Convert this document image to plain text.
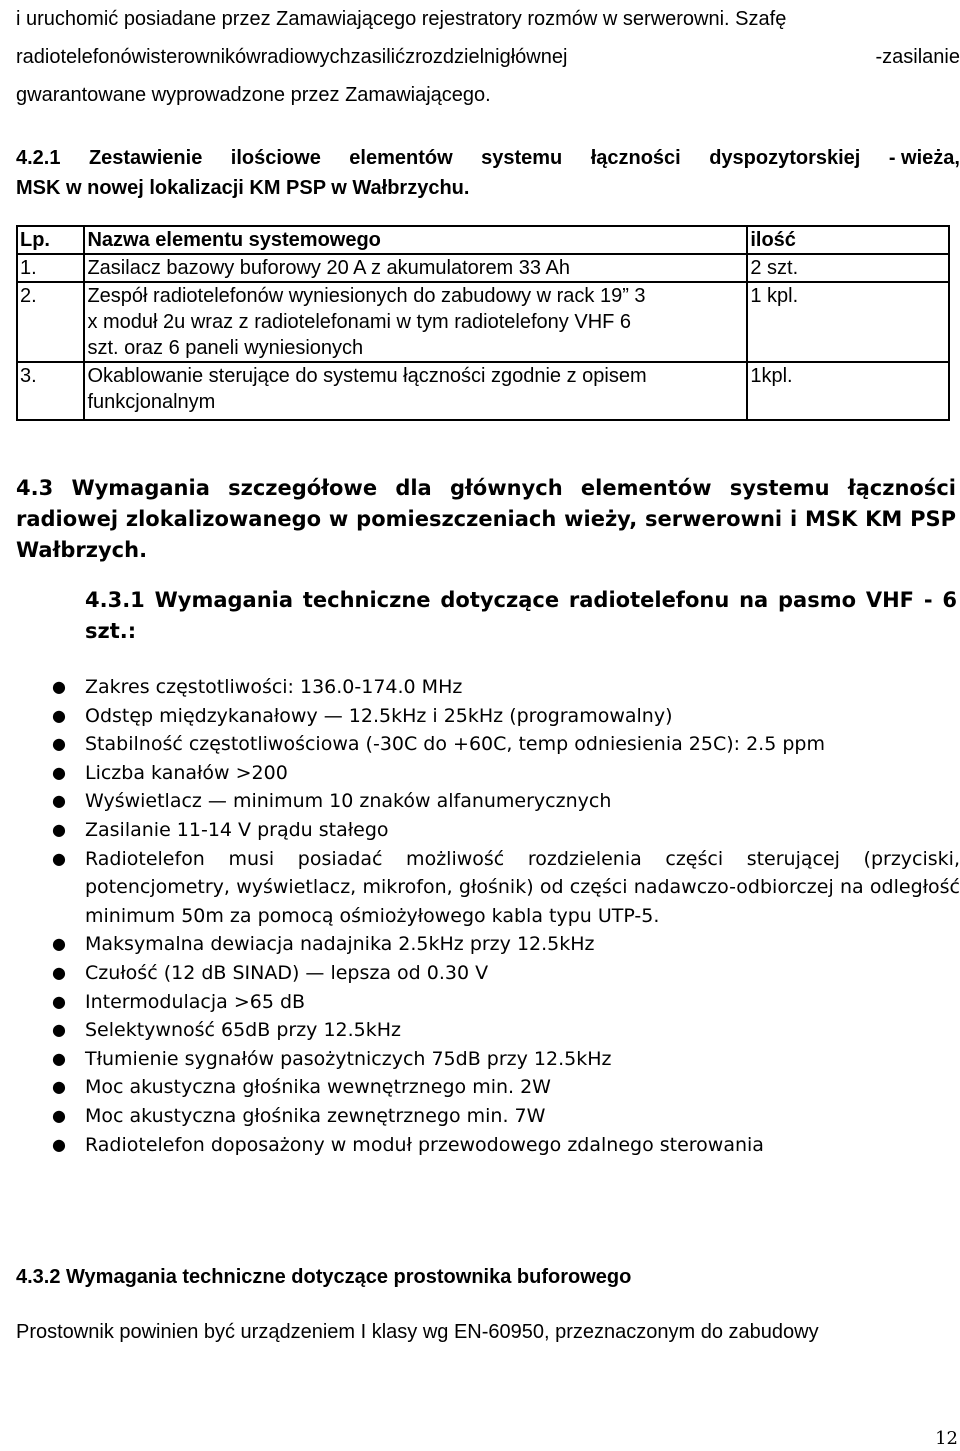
i uruchomić posiadane przez Zamawiającego rejestratory rozmów w serwerowni. Szafę
radiotelefonów i sterowników radiowych zasilić z rozdzielni głównej	- zasilanie
gwarantowane wyprowadzone przez Zamawiającego.
4.2.1 Zestawienie ilościowe elementów systemu łączności dyspozytorskiej - wieża,
MSK w nowej lokalizacji KM PSP w Wałbrzychu.
Lp.	Nazwa elementu systemowego	ilość
1.	Zasilacz bazowy buforowy 20 A z akumulatorem 33 Ah	2 szt.
2.	Zespół radiotelefonów wyniesionych do zabudowy w rack 19” 3
x moduł 2u wraz z radiotelefonami w tym radiotelefony VHF 6
szt. oraz 6 paneli wyniesionych	1 kpl.
3.	Okablowanie sterujące do systemu łączności zgodnie z opisem
funkcjonalnym	1kpl.
4.3 Wymagania szczegółowe dla głównych elementów systemu łączności radiowej zlokalizowanego w pomieszczeniach wieży, serwerowni i MSK KM PSP Wałbrzych.
4.3.1 Wymagania techniczne dotyczące radiotelefonu na pasmo VHF - 6 szt.:
● Zakres częstotliwości: 136.0-174.0 MHz
● Odstęp międzykanałowy — 12.5kHz i 25kHz (programowalny)
● Stabilność częstotliwościowa (-30C do +60C, temp odniesienia 25C): 2.5 ppm
● Liczba kanałów >200
● Wyświetlacz — minimum 10 znaków alfanumerycznych
● Zasilanie 11-14 V prądu stałego
● Radiotelefon musi posiadać możliwość rozdzielenia części sterującej (przyciski, potencjometry, wyświetlacz, mikrofon, głośnik) od części nadawczo-odbiorczej na odległość minimum 50m za pomocą ośmiożyłowego kabla typu UTP-5.
● Maksymalna dewiacja nadajnika 2.5kHz przy 12.5kHz
● Czułość (12 dB SINAD) — lepsza od 0.30 V
● Intermodulacja >65 dB
● Selektywność 65dB przy 12.5kHz
● Tłumienie sygnałów pasożytniczych 75dB przy 12.5kHz
● Moc akustyczna głośnika wewnętrznego min. 2W
● Moc akustyczna głośnika zewnętrznego min. 7W
● Radiotelefon doposażony w moduł przewodowego zdalnego sterowania
4.3.2 Wymagania techniczne dotyczące prostownika buforowego
Prostownik powinien być urządzeniem I klasy wg EN-60950, przeznaczonym do zabudowy
12
